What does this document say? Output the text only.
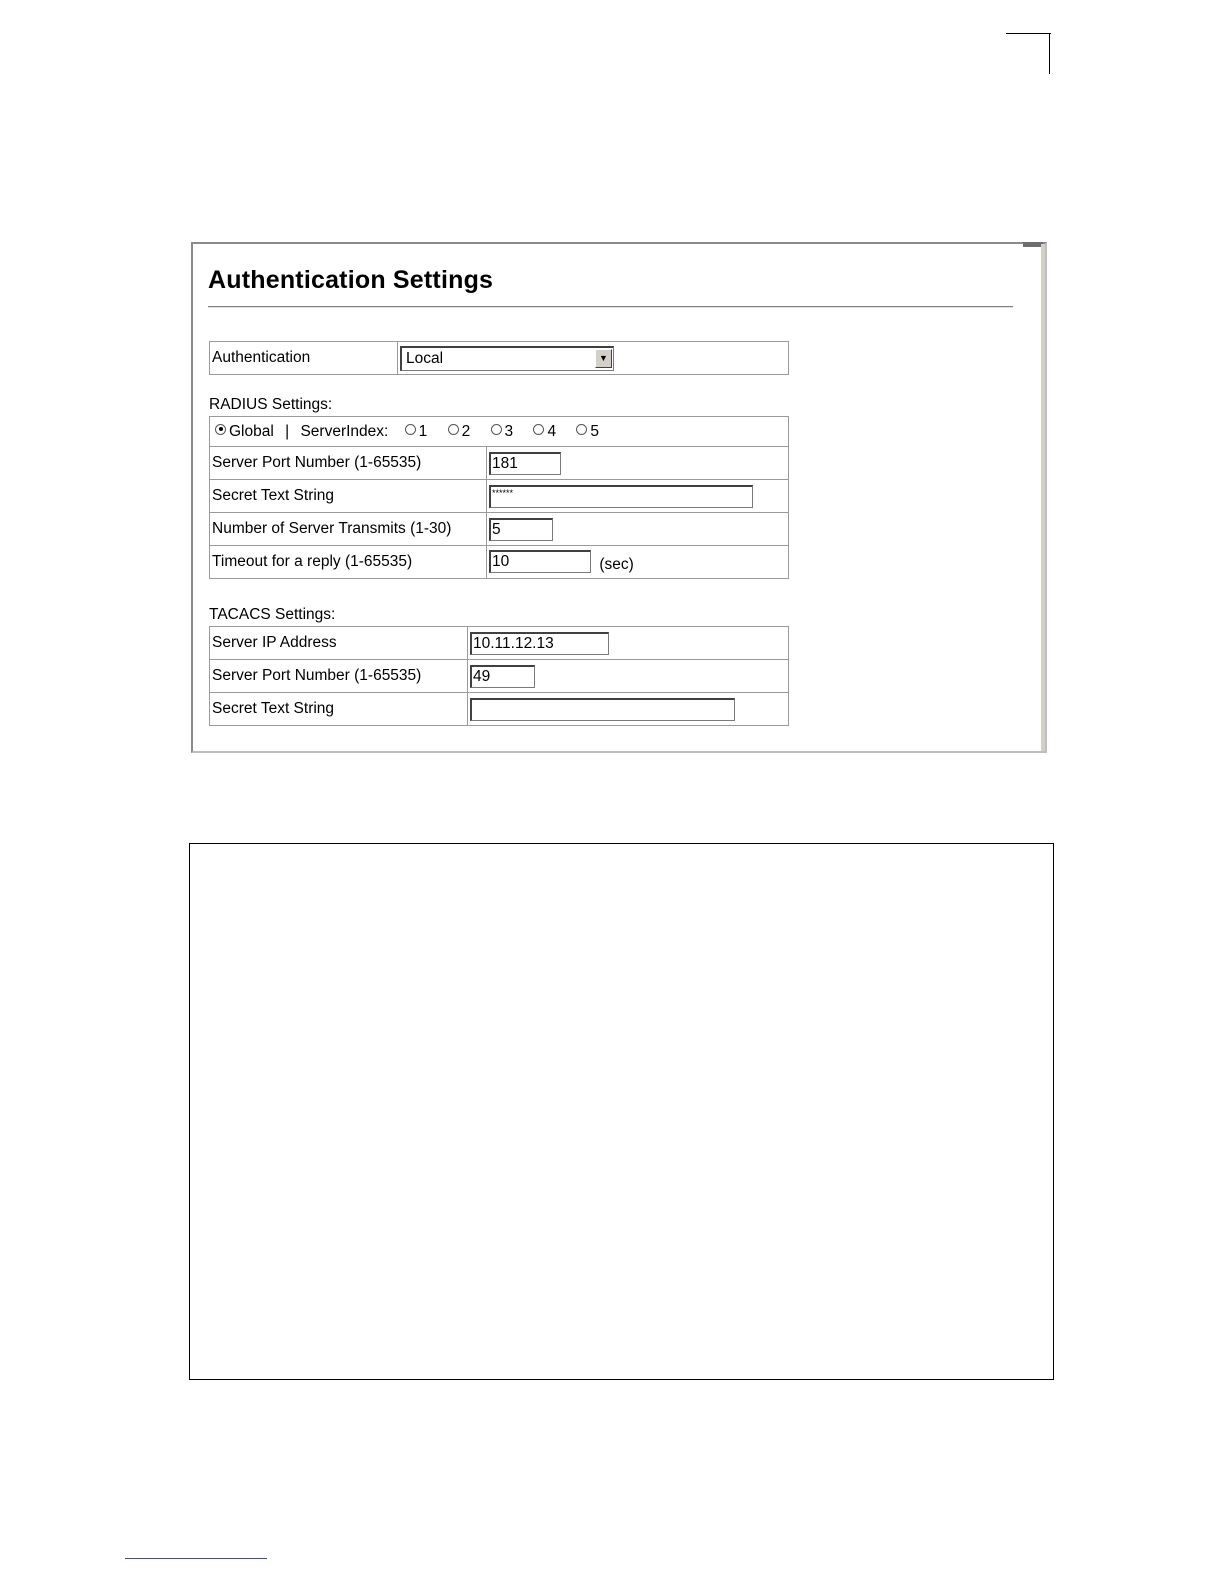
Authentication Settings
Authentication	Local	▼
RADIUS Settings:
Global | ServerIndex: 1 2 3 4 5	
Server Port Number (1-65535)	181
Secret Text String	******
Number of Server Transmits (1-30)	5
Timeout for a reply (1-65535)	10 (sec)
TACACS Settings:
Server IP Address	10.11.12.13
Server Port Number (1-65535)	49
Secret Text String	
